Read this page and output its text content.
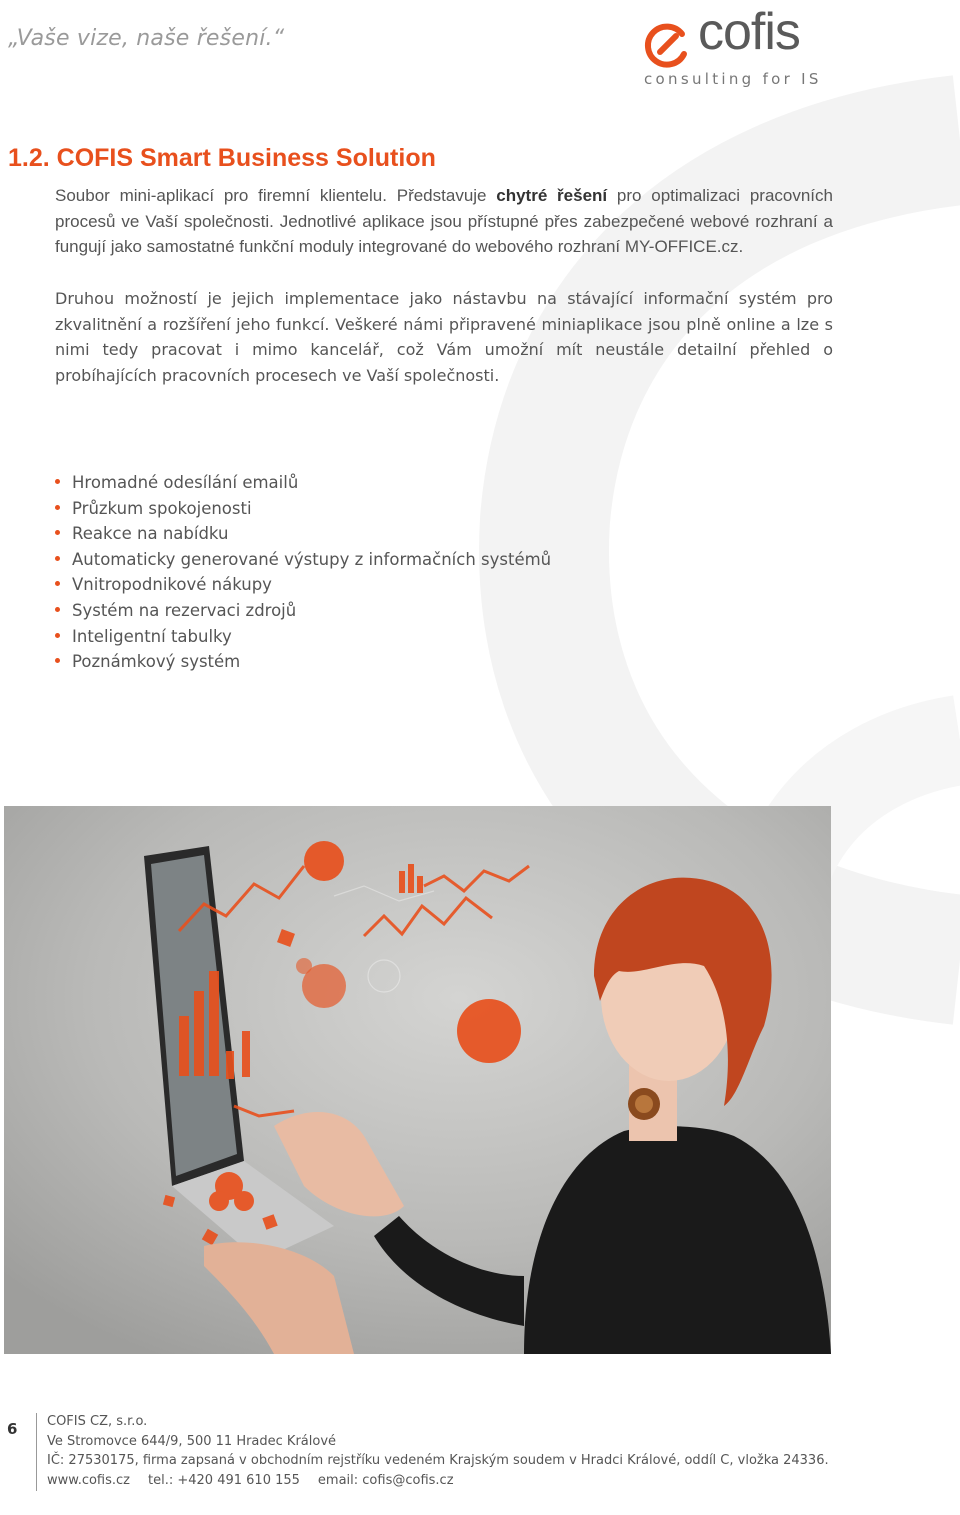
„Vaše vize, naše řešení.“	cofis
consulting for IS
1.2. COFIS Smart Business Solution

Soubor mini-aplikací pro firemní klientelu. Představuje chytré řešení pro optimalizaci pracovních procesů ve Vaší společnosti. Jednotlivé aplikace jsou přístupné přes zabezpečené webové rozhraní a fungují jako samostatné funkční moduly integrované do webového rozhraní MY-OFFICE.cz.

Druhou možností je jejich implementace jako nástavbu na stávající informační systém pro zkvalitnění a rozšíření jeho funkcí. Veškeré námi připravené miniaplikace jsou plně online a lze s nimi tedy pracovat i mimo kancelář, což Vám umožní mít neustále detailní přehled o probíhajících pracovních procesech ve Vaší společnosti.

Hromadné odesílání emailů
Průzkum spokojenosti
Reakce na nabídku
Automaticky generované výstupy z informačních systémů
Vnitropodnikové nákupy
Systém na rezervaci zdrojů
Inteligentní tabulky
Poznámkový systém
6 COFIS CZ, s.r.o.
Ve Stromovce 644/9, 500 11 Hradec Králové
IČ: 27530175, firma zapsaná v obchodním rejstříku vedeném Krajským soudem v Hradci Králové, oddíl C, vložka 24336.
www.cofis.cz tel.: +420 491 610 155 email: cofis@cofis.cz
